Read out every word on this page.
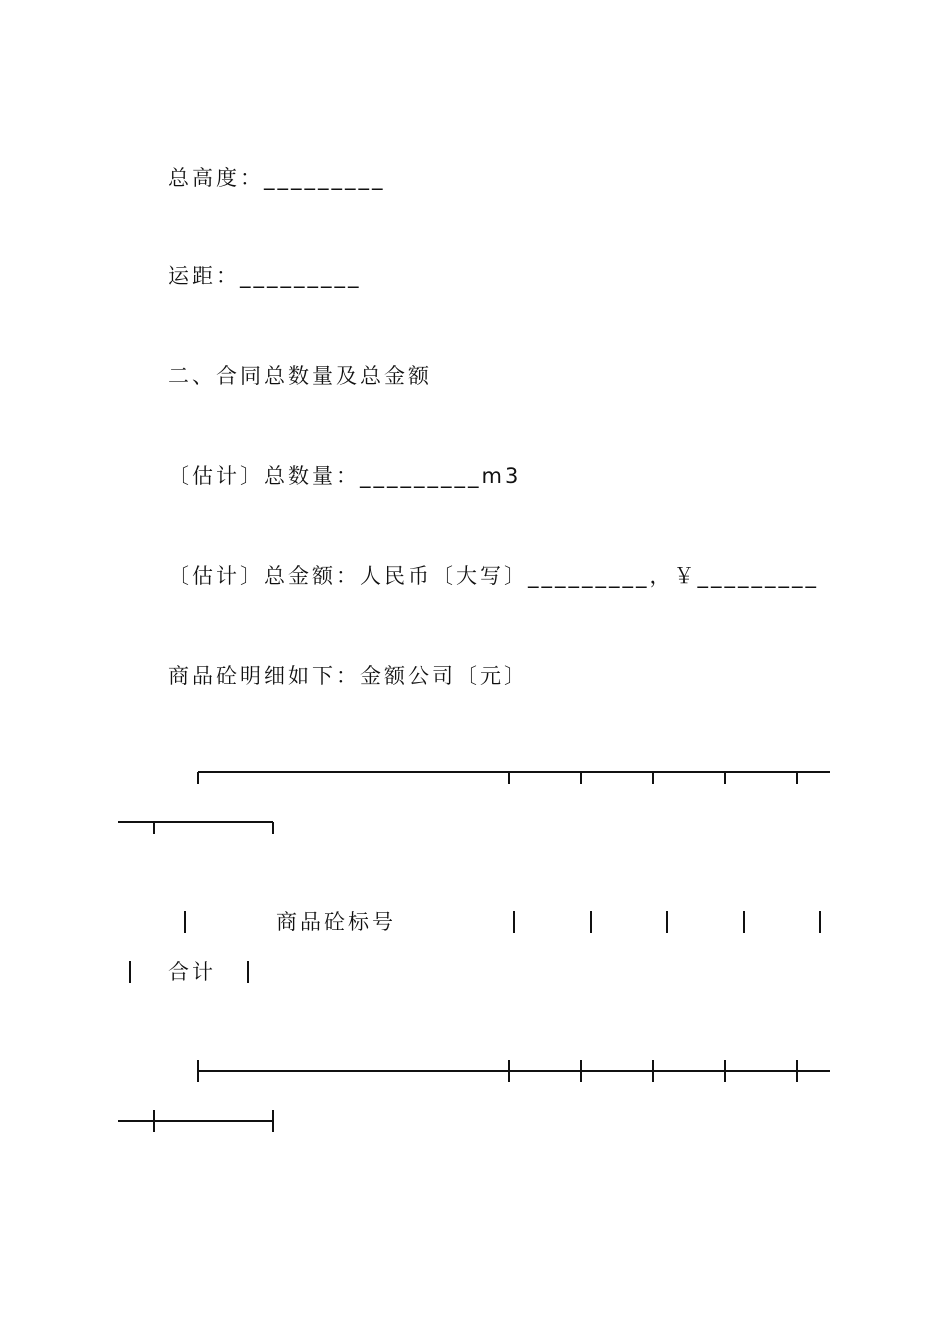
总高度：_________
运距：_________
二、合同总数量及总金额
〔估计〕总数量：_________m3
〔估计〕总金额：人民币〔大写〕_________，￥_________
商品砼明细如下：金额公司〔元〕
商品砼标号
合计
